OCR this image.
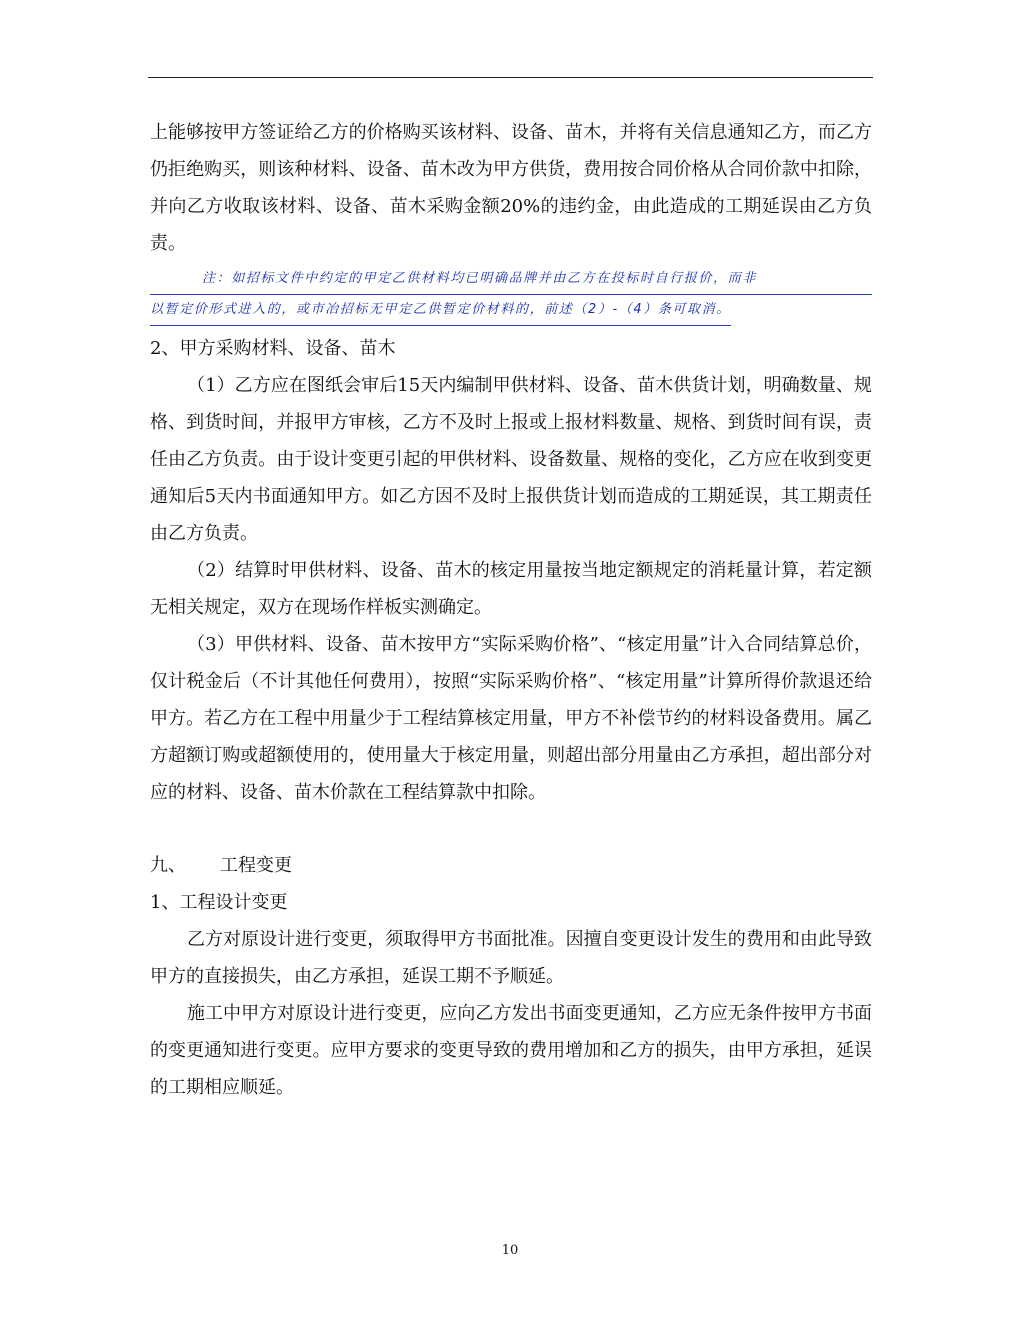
上能够按甲方签证给乙方的价格购买该材料、设备、苗木，并将有关信息通知乙方，而乙方仍拒绝购买，则该种材料、设备、苗木改为甲方供货，费用按合同价格从合同价款中扣除，并向乙方收取该材料、设备、苗木采购金额20%的违约金，由此造成的工期延误由乙方负责。

注：如招标文件中约定的甲定乙供材料均已明确品牌并由乙方在投标时自行报价，而非
以暂定价形式进入的，或市冶招标无甲定乙供暂定价材料的，前述（2）-（4）条可取消。

2、甲方采购材料、设备、苗木

（1）乙方应在图纸会审后15天内编制甲供材料、设备、苗木供货计划，明确数量、规格、到货时间，并报甲方审核，乙方不及时上报或上报材料数量、规格、到货时间有误，责任由乙方负责。由于设计变更引起的甲供材料、设备数量、规格的变化，乙方应在收到变更通知后5天内书面通知甲方。如乙方因不及时上报供货计划而造成的工期延误，其工期责任由乙方负责。

（2）结算时甲供材料、设备、苗木的核定用量按当地定额规定的消耗量计算，若定额无相关规定，双方在现场作样板实测确定。

（3）甲供材料、设备、苗木按甲方“实际采购价格”、“核定用量”计入合同结算总价，仅计税金后（不计其他任何费用），按照“实际采购价格”、“核定用量”计算所得价款退还给甲方。若乙方在工程中用量少于工程结算核定用量，甲方不补偿节约的材料设备费用。属乙方超额订购或超额使用的，使用量大于核定用量，则超出部分用量由乙方承担，超出部分对应的材料、设备、苗木价款在工程结算款中扣除。

九、 工程变更

1、工程设计变更

乙方对原设计进行变更，须取得甲方书面批准。因擅自变更设计发生的费用和由此导致甲方的直接损失，由乙方承担，延误工期不予顺延。

施工中甲方对原设计进行变更，应向乙方发出书面变更通知，乙方应无条件按甲方书面的变更通知进行变更。应甲方要求的变更导致的费用增加和乙方的损失，由甲方承担，延误的工期相应顺延。

10
